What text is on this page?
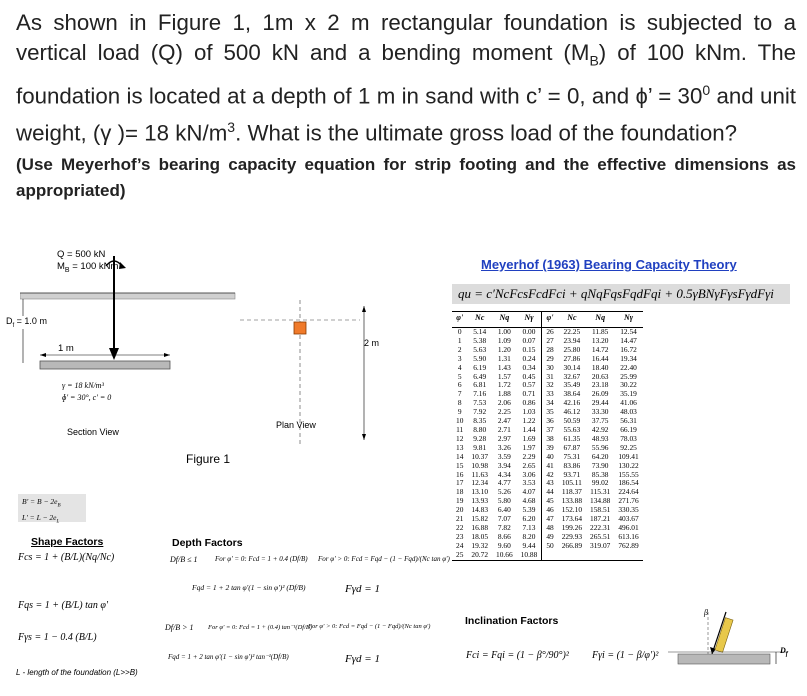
As shown in Figure 1, 1m x 2 m rectangular foundation is subjected to a vertical load (Q) of 500 kN and a bending moment $(M_B)$ of 100 kNm. The foundation is located at a depth of 1 m in sand with c’ = 0, and ɸ’ = $30^0$ and unit weight, (γ )= 18 $kN/m^3$. What is the ultimate gross load of the foundation?
(Use Meyerhof’s bearing capacity equation for strip footing and the effective dimensions as appropriated)
Q = 500 kN
$M_B = 100$ kNm
$D_f = 1.0$ m
1 m
γ = 18 kN/m³
ɸ' = 30°, c' = 0
Section View
2 m
Plan View
Figure 1
$B' = B - 2e_B$
$L' = L - 2e_L$
Meyerhof (1963) Bearing Capacity Theory
qu = c′NcFcsFcdFci + qNqFqsFqdFqi + 0.5γBNγFγsFγdFγi
φ'	Nc	Nq	Nγ	φ'	Nc	Nq	Nγ
0	5.14	1.00	0.00	26	22.25	11.85	12.54
1	5.38	1.09	0.07	27	23.94	13.20	14.47
2	5.63	1.20	0.15	28	25.80	14.72	16.72
3	5.90	1.31	0.24	29	27.86	16.44	19.34
4	6.19	1.43	0.34	30	30.14	18.40	22.40
5	6.49	1.57	0.45	31	32.67	20.63	25.99
6	6.81	1.72	0.57	32	35.49	23.18	30.22
7	7.16	1.88	0.71	33	38.64	26.09	35.19
8	7.53	2.06	0.86	34	42.16	29.44	41.06
9	7.92	2.25	1.03	35	46.12	33.30	48.03
10	8.35	2.47	1.22	36	50.59	37.75	56.31
11	8.80	2.71	1.44	37	55.63	42.92	66.19
12	9.28	2.97	1.69	38	61.35	48.93	78.03
13	9.81	3.26	1.97	39	67.87	55.96	92.25
14	10.37	3.59	2.29	40	75.31	64.20	109.41
15	10.98	3.94	2.65	41	83.86	73.90	130.22
16	11.63	4.34	3.06	42	93.71	85.38	155.55
17	12.34	4.77	3.53	43	105.11	99.02	186.54
18	13.10	5.26	4.07	44	118.37	115.31	224.64
19	13.93	5.80	4.68	45	133.88	134.88	271.76
20	14.83	6.40	5.39	46	152.10	158.51	330.35
21	15.82	7.07	6.20	47	173.64	187.21	403.67
22	16.88	7.82	7.13	48	199.26	222.31	496.01
23	18.05	8.66	8.20	49	229.93	265.51	613.16
24	19.32	9.60	9.44	50	266.89	319.07	762.89
25	20.72	10.66	10.88				
Shape Factors
Fcs = 1 + (B/L)(Nq/Nc)
Fqs = 1 + (B/L) tan φ'
Fγs = 1 − 0.4 (B/L)
L - length of the foundation (L>>B)
Depth Factors
Df/B ≤ 1	For φ' = 0: Fcd = 1 + 0.4 (Df/B) For φ' > 0: Fcd = Fqd − (1 − Fqd)/(Nc tan φ')
Fqd = 1 + 2 tan φ'(1 − sin φ')² (Df/B)	Fγd = 1
Df/B > 1 For φ' = 0: Fcd = 1 + (0.4) tan⁻¹(Df/B)
For φ' > 0: Fcd = Fqd − (1 − Fqd)/(Nc tan φ')
Fqd = 1 + 2 tan φ'(1 − sin φ')² tan⁻¹(Df/B)	Fγd = 1
Inclination Factors
Fci = Fqi = (1 − β°/90°)² Fγi = (1 − β/φ')²
β
$D_f$
